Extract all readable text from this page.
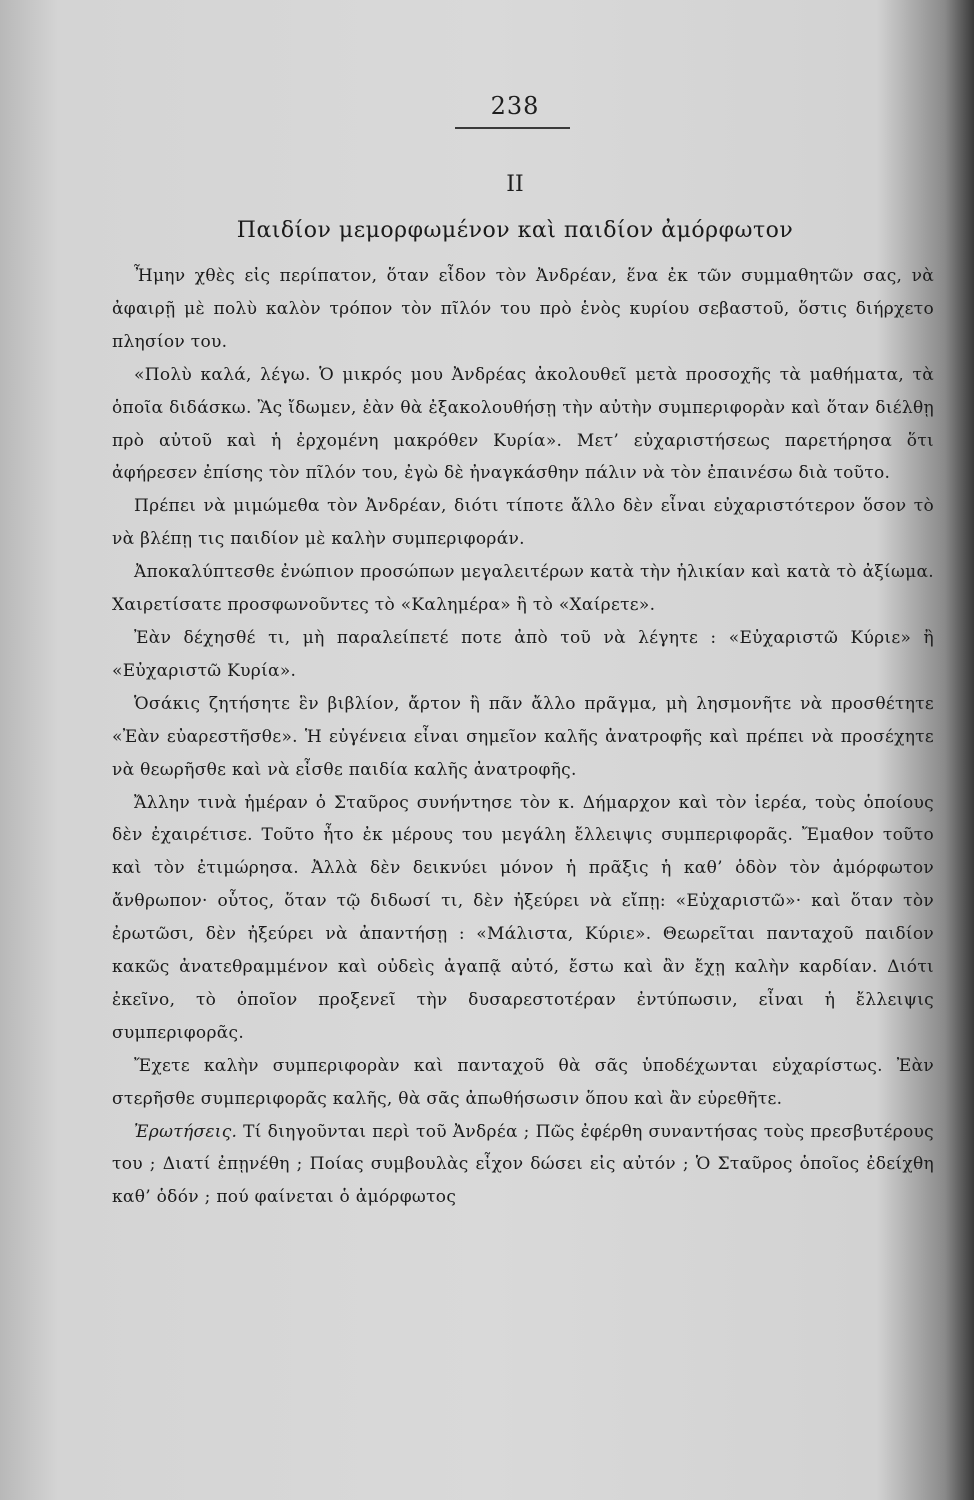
238
II
Παιδίον μεμορφωμένον καὶ παιδίον ἀμόρφωτον

Ἦμην χθὲς εἰς περίπατον, ὅταν εἶδον τὸν Ἀνδρέαν, ἕνα ἐκ τῶν συμμαθητῶν σας, νὰ ἀφαιρῇ μὲ πολὺ καλὸν τρόπον τὸν πῖλόν του πρὸ ἑνὸς κυρίου σεβαστοῦ, ὅστις διήρχετο πλησίον του.

«Πολὺ καλά, λέγω. Ὁ μικρός μου Ἀνδρέας ἀκολουθεῖ μετὰ προσοχῆς τὰ μαθήματα, τὰ ὁποῖα διδάσκω. Ἂς ἴδωμεν, ἐὰν θὰ ἐξακολουθήσῃ τὴν αὐτὴν συμπεριφορὰν καὶ ὅταν διέλθῃ πρὸ αὐτοῦ καὶ ἡ ἐρχομένη μακρόθεν Κυρία». Μετ’ εὐχαριστήσεως παρετήρησα ὅτι ἀφήρεσεν ἐπίσης τὸν πῖλόν του, ἐγὼ δὲ ἠναγκάσθην πάλιν νὰ τὸν ἐπαινέσω διὰ τοῦτο.

Πρέπει νὰ μιμώμεθα τὸν Ἀνδρέαν, διότι τίποτε ἄλλο δὲν εἶναι εὐχαριστότερον ὅσον τὸ νὰ βλέπῃ τις παιδίον μὲ καλὴν συμπεριφοράν.

Ἀποκαλύπτεσθε ἐνώπιον προσώπων μεγαλειτέρων κατὰ τὴν ἡλικίαν καὶ κατὰ τὸ ἀξίωμα. Χαιρετίσατε προσφωνοῦντες τὸ «Καλημέρα» ἢ τὸ «Χαίρετε».

Ἐὰν δέχησθέ τι, μὴ παραλείπετέ ποτε ἀπὸ τοῦ νὰ λέγητε : «Εὐχαριστῶ Κύριε» ἢ «Εὐχαριστῶ Κυρία».

Ὁσάκις ζητήσητε ἓν βιβλίον, ἄρτον ἢ πᾶν ἄλλο πρᾶγμα, μὴ λησμονῆτε νὰ προσθέτητε «Ἐὰν εὐαρεστῆσθε». Ἡ εὐγένεια εἶναι σημεῖον καλῆς ἀνατροφῆς καὶ πρέπει νὰ προσέχητε νὰ θεωρῆσθε καὶ νὰ εἶσθε παιδία καλῆς ἀνατροφῆς.

Ἄλλην τινὰ ἡμέραν ὁ Σταῦρος συνήντησε τὸν κ. Δήμαρχον καὶ τὸν ἱερέα, τοὺς ὁποίους δὲν ἐχαιρέτισε. Τοῦτο ἦτο ἐκ μέρους του μεγάλη ἔλλειψις συμπεριφορᾶς. Ἔμαθον τοῦτο καὶ τὸν ἐτιμώρησα. Ἀλλὰ δὲν δεικνύει μόνον ἡ πρᾶξις ἡ καθ’ ὁδὸν τὸν ἀμόρφωτον ἄνθρωπον· οὗτος, ὅταν τῷ διδωσί τι, δὲν ἠξεύρει νὰ εἴπῃ: «Εὐχαριστῶ»· καὶ ὅταν τὸν ἐρωτῶσι, δὲν ἠξεύρει νὰ ἀπαντήσῃ : «Μάλιστα, Κύριε». Θεωρεῖται πανταχοῦ παιδίον κακῶς ἀνατεθραμμένον καὶ οὐδεὶς ἀγαπᾷ αὐτό, ἔστω καὶ ἂν ἔχῃ καλὴν καρδίαν. Διότι ἐκεῖνο, τὸ ὁποῖον προξενεῖ τὴν δυσαρεστοτέραν ἐντύπωσιν, εἶναι ἡ ἔλλειψις συμπεριφορᾶς.

Ἔχετε καλὴν συμπεριφορὰν καὶ πανταχοῦ θὰ σᾶς ὑποδέχωνται εὐχαρίστως. Ἐὰν στερῆσθε συμπεριφορᾶς καλῆς, θὰ σᾶς ἀπωθήσωσιν ὅπου καὶ ἂν εὑρεθῆτε.

Ἐρωτήσεις. Τί διηγοῦνται περὶ τοῦ Ἀνδρέα ; Πῶς ἐφέρθη συναντήσας τοὺς πρεσβυτέρους του ; Διατί ἐπῃνέθη ; Ποίας συμβουλὰς εἶχον δώσει εἰς αὐτόν ; Ὁ Σταῦρος ὁποῖος ἐδείχθη καθ’ ὁδόν ; πού φαίνεται ὁ ἀμόρφωτος
